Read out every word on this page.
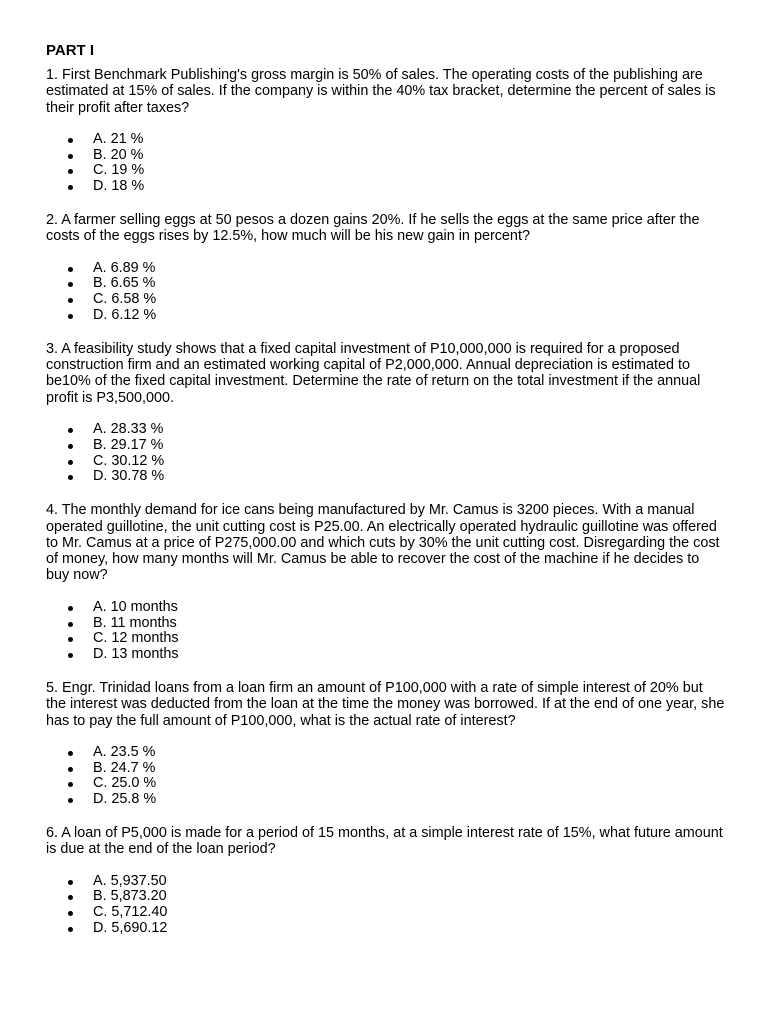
PART I

1. First Benchmark Publishing's gross margin is 50% of sales. The operating costs of the publishing are estimated at 15% of sales. If the company is within the 40% tax bracket, determine the percent of sales is their profit after taxes?

A. 21 %
B. 20 %
C. 19 %
D. 18 %

2. A farmer selling eggs at 50 pesos a dozen gains 20%. If he sells the eggs at the same price after the costs of the eggs rises by 12.5%, how much will be his new gain in percent?

A. 6.89 %
B. 6.65 %
C. 6.58 %
D. 6.12 %

3. A feasibility study shows that a fixed capital investment of P10,000,000 is required for a proposed construction firm and an estimated working capital of P2,000,000. Annual depreciation is estimated to be10% of the fixed capital investment. Determine the rate of return on the total investment if the annual profit is P3,500,000.

A. 28.33 %
B. 29.17 %
C. 30.12 %
D. 30.78 %

4. The monthly demand for ice cans being manufactured by Mr. Camus is 3200 pieces. With a manual operated guillotine, the unit cutting cost is P25.00. An electrically operated hydraulic guillotine was offered to Mr. Camus at a price of P275,000.00 and which cuts by 30% the unit cutting cost. Disregarding the cost of money, how many months will Mr. Camus be able to recover the cost of the machine if he decides to buy now?

A. 10 months
B. 11 months
C. 12 months
D. 13 months

5. Engr. Trinidad loans from a loan firm an amount of P100,000 with a rate of simple interest of 20% but the interest was deducted from the loan at the time the money was borrowed. If at the end of one year, she has to pay the full amount of P100,000, what is the actual rate of interest?

A. 23.5 %
B. 24.7 %
C. 25.0 %
D. 25.8 %

6. A loan of P5,000 is made for a period of 15 months, at a simple interest rate of 15%, what future amount is due at the end of the loan period?

A. 5,937.50
B. 5,873.20
C. 5,712.40
D. 5,690.12
